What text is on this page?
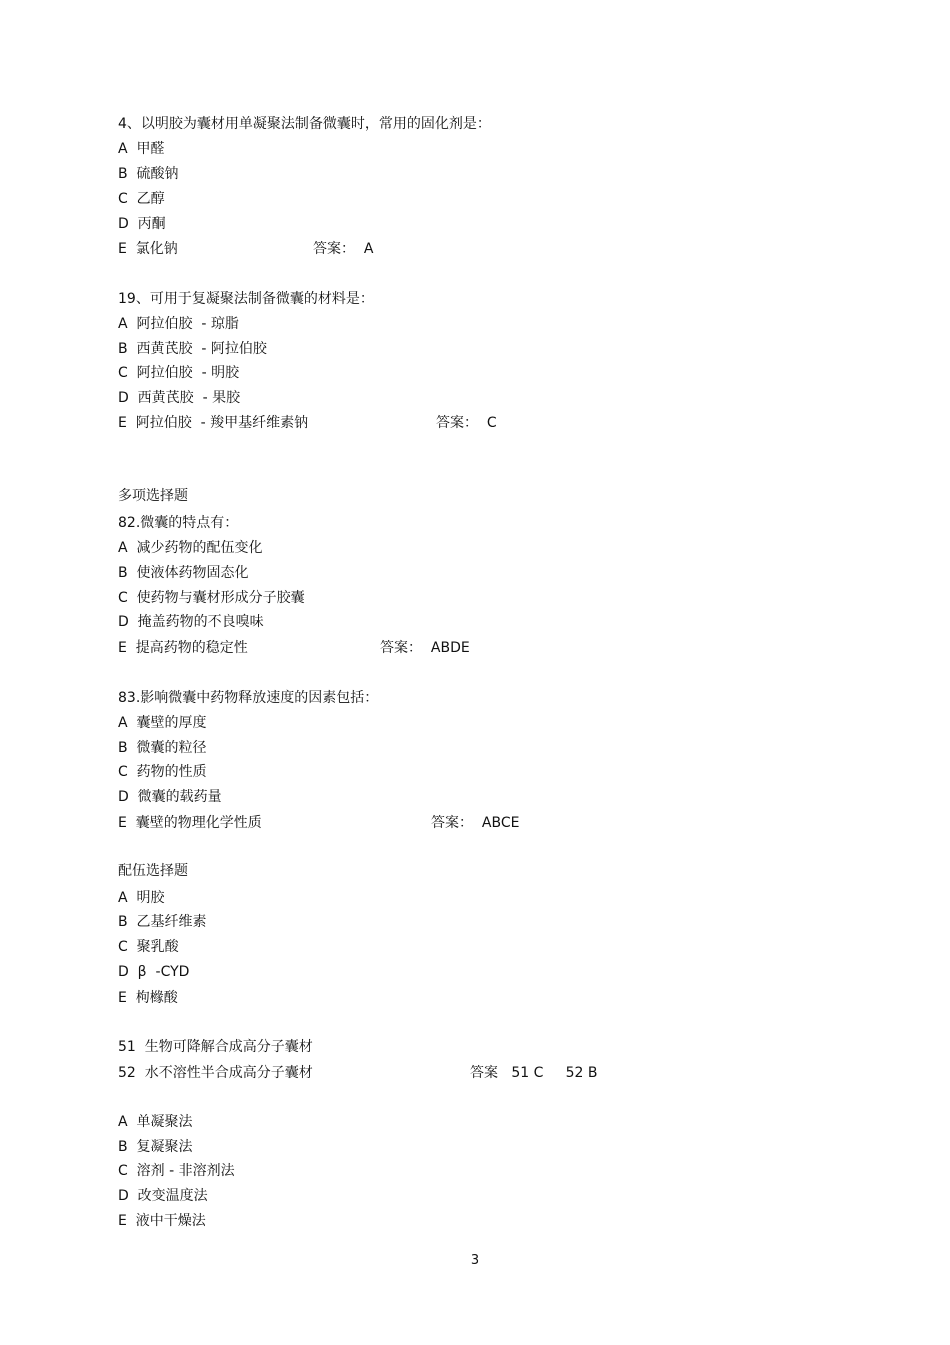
4、以明胶为囊材用单凝聚法制备微囊时，常用的固化剂是：
A  甲醛
B  硫酸钠
C  乙醇
D  丙酮
E  氯化钠	答案：  A
19、可用于复凝聚法制备微囊的材料是：
A  阿拉伯胶  - 琼脂
B  西黄芪胶  - 阿拉伯胶
C  阿拉伯胶  - 明胶
D  西黄芪胶  - 果胶
E  阿拉伯胶  - 羧甲基纤维素钠	答案：  C
多项选择题
82.微囊的特点有：
A  减少药物的配伍变化
B  使液体药物固态化
C  使药物与囊材形成分子胶囊
D  掩盖药物的不良嗅味
E  提高药物的稳定性	答案：  ABDE
83.影响微囊中药物释放速度的因素包括：
A  囊壁的厚度
B  微囊的粒径
C  药物的性质
D  微囊的载药量
E  囊壁的物理化学性质	答案：  ABCE
配伍选择题
A  明胶
B  乙基纤维素
C  聚乳酸
D  β  -CYD
E  枸橼酸
51  生物可降解合成高分子囊材
52  水不溶性半合成高分子囊材	答案   51 C     52 B
A  单凝聚法
B  复凝聚法
C  溶剂 - 非溶剂法
D  改变温度法
E  液中干燥法
3
